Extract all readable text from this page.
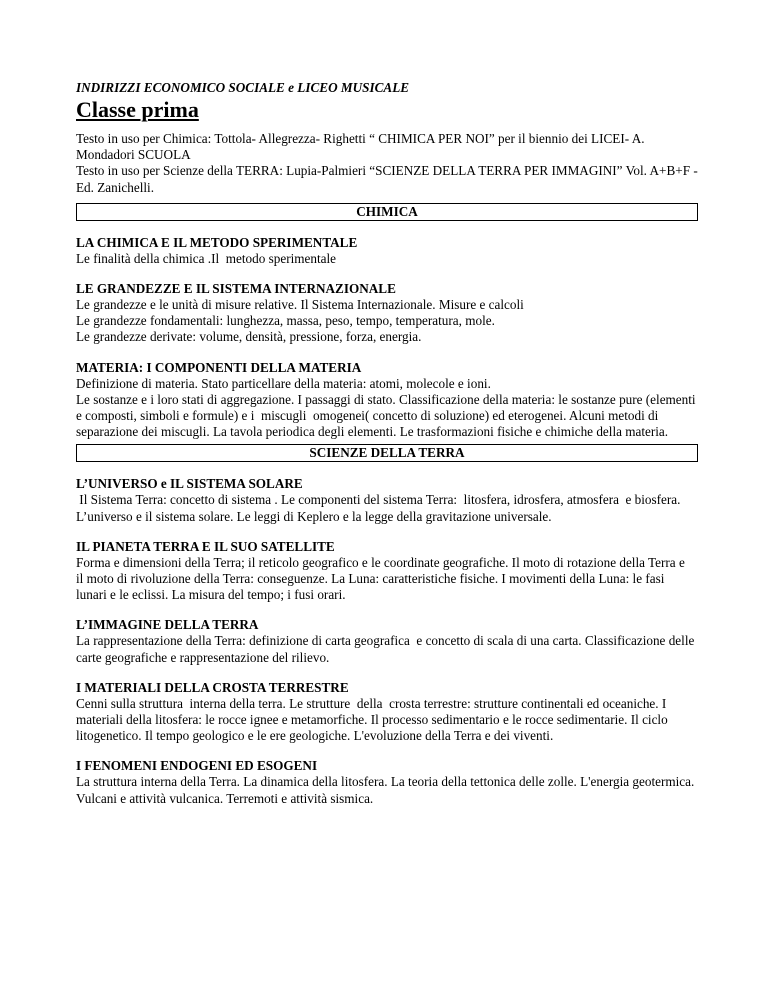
INDIRIZZI ECONOMICO SOCIALE e LICEO MUSICALE

Classe prima

Testo in uso per Chimica: Tottola- Allegrezza- Righetti “ CHIMICA PER NOI” per il biennio dei LICEI- A. Mondadori SCUOLA

Testo in uso per Scienze della TERRA: Lupia-Palmieri “SCIENZE DELLA TERRA PER IMMAGINI” Vol. A+B+F - Ed. Zanichelli.

CHIMICA

LA CHIMICA E IL METODO SPERIMENTALE

Le finalità della chimica .Il  metodo sperimentale

LE GRANDEZZE E IL SISTEMA INTERNAZIONALE

Le grandezze e le unità di misure relative. Il Sistema Internazionale. Misure e calcoli
Le grandezze fondamentali: lunghezza, massa, peso, tempo, temperatura, mole.
Le grandezze derivate: volume, densità, pressione, forza, energia.

MATERIA: I COMPONENTI DELLA MATERIA

Definizione di materia. Stato particellare della materia: atomi, molecole e ioni.
Le sostanze e i loro stati di aggregazione. I passaggi di stato. Classificazione della materia: le sostanze pure (elementi e composti, simboli e formule) e i  miscugli  omogenei( concetto di soluzione) ed eterogenei. Alcuni metodi di separazione dei miscugli. La tavola periodica degli elementi. Le trasformazioni fisiche e chimiche della materia.

SCIENZE DELLA TERRA

L’UNIVERSO e IL SISTEMA SOLARE

Il Sistema Terra: concetto di sistema . Le componenti del sistema Terra:  litosfera, idrosfera, atmosfera  e biosfera. L’universo e il sistema solare. Le leggi di Keplero e la legge della gravitazione universale.

IL PIANETA TERRA E IL SUO SATELLITE

Forma e dimensioni della Terra; il reticolo geografico e le coordinate geografiche. Il moto di rotazione della Terra e  il moto di rivoluzione della Terra: conseguenze. La Luna: caratteristiche fisiche. I movimenti della Luna: le fasi lunari e le eclissi. La misura del tempo; i fusi orari.

L’IMMAGINE DELLA TERRA

La rappresentazione della Terra: definizione di carta geografica  e concetto di scala di una carta. Classificazione delle carte geografiche e rappresentazione del rilievo.

I MATERIALI DELLA CROSTA TERRESTRE

Cenni sulla struttura  interna della terra. Le strutture  della  crosta terrestre: strutture continentali ed oceaniche. I materiali della litosfera: le rocce ignee e metamorfiche. Il processo sedimentario e le rocce sedimentarie. Il ciclo litogenetico. Il tempo geologico e le ere geologiche. L'evoluzione della Terra e dei viventi.

I FENOMENI ENDOGENI ED ESOGENI

La struttura interna della Terra. La dinamica della litosfera. La teoria della tettonica delle zolle. L'energia geotermica. Vulcani e attività vulcanica. Terremoti e attività sismica.
